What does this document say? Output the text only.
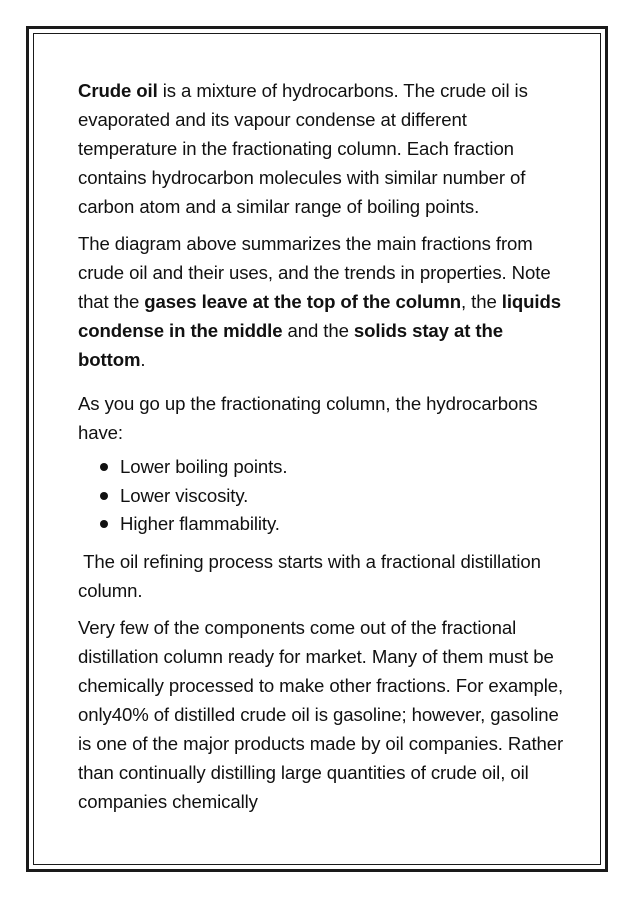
Crude oil is a mixture of hydrocarbons. The crude oil is evaporated and its vapour condense at different temperature in the fractionating column. Each fraction contains hydrocarbon molecules with similar number of carbon atom and a similar range of boiling points.

The diagram above summarizes the main fractions from crude oil and their uses, and the trends in properties. Note that the gases leave at the top of the column, the liquids condense in the middle and the solids stay at the bottom.

As you go up the fractionating column, the hydrocarbons have:

Lower boiling points.
Lower viscosity.
Higher flammability.

The oil refining process starts with a fractional distillation column.

Very few of the components come out of the fractional distillation column ready for market. Many of them must be chemically processed to make other fractions. For example, only40% of distilled crude oil is gasoline; however, gasoline is one of the major products made by oil companies. Rather than continually distilling large quantities of crude oil, oil companies chemically
